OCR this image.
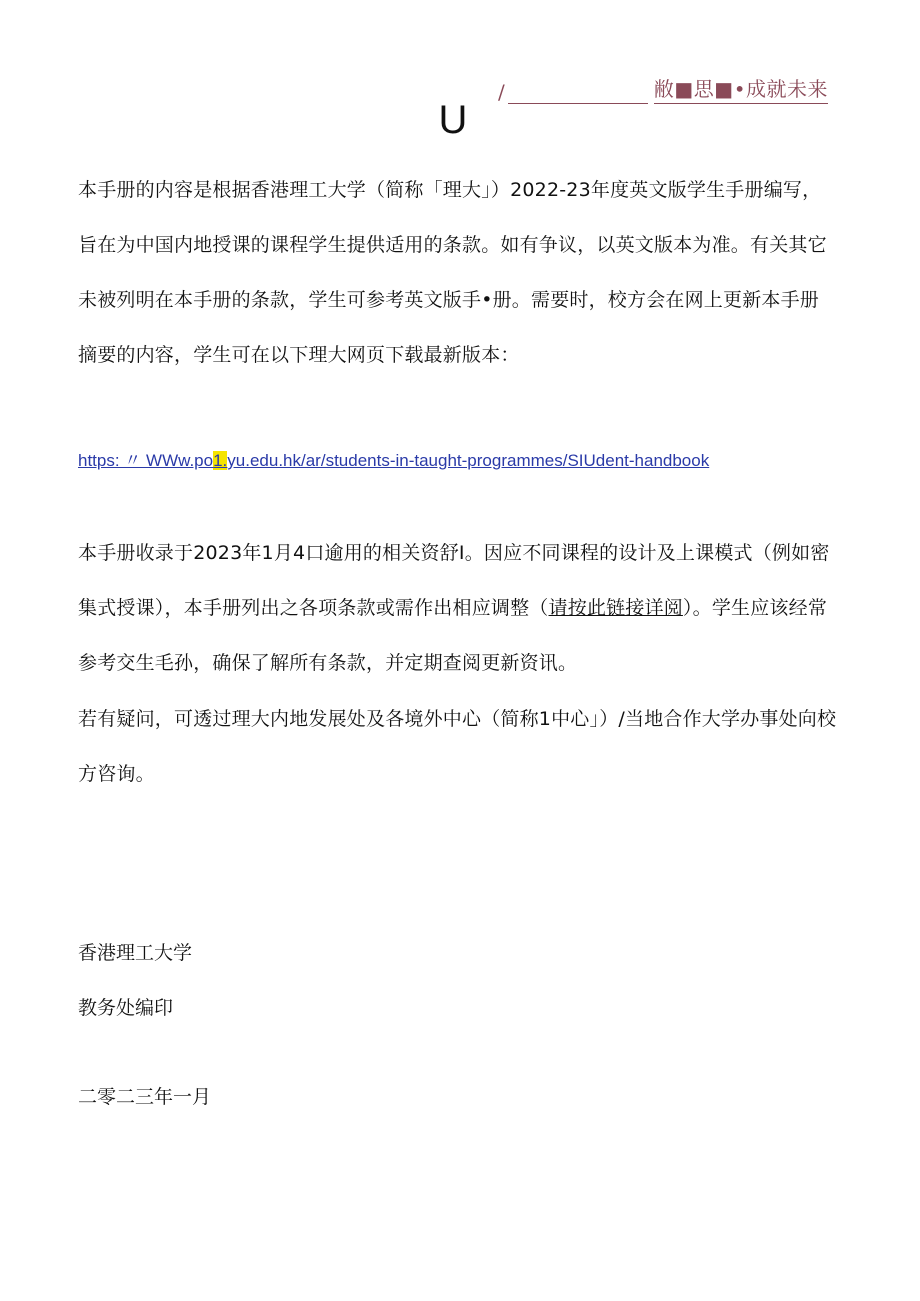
/	敝■思■•成就未来
U

本手册的内容是根据香港理工大学（简称「理大」）2022-23年度英文版学生手册编写，旨在为中国内地授课的课程学生提供适用的条款。如有争议，以英文版本为准。有关其它未被列明在本手册的条款，学生可参考英文版手•册。需要时，校方会在网上更新本手册摘要的内容，学生可在以下理大网页下载最新版本：

https: 〃 WWw.po1.yu.edu.hk/ar/students-in-taught-programmes/SIUdent-handbook

本手册收录于2023年1月4口逾用的相关资舒I。因应不同课程的设计及上课模式（例如密集式授课），本手册列出之各项条款或需作出相应调整（请按此链接详阅）。学生应该经常参考交生毛孙，确保了解所有条款，并定期查阅更新资讯。

若有疑问，可透过理大内地发展处及各境外中心（简称1中心」）/当地合作大学办事处向校方咨询。

香港理工大学

教务处编印

二零二三年一月
